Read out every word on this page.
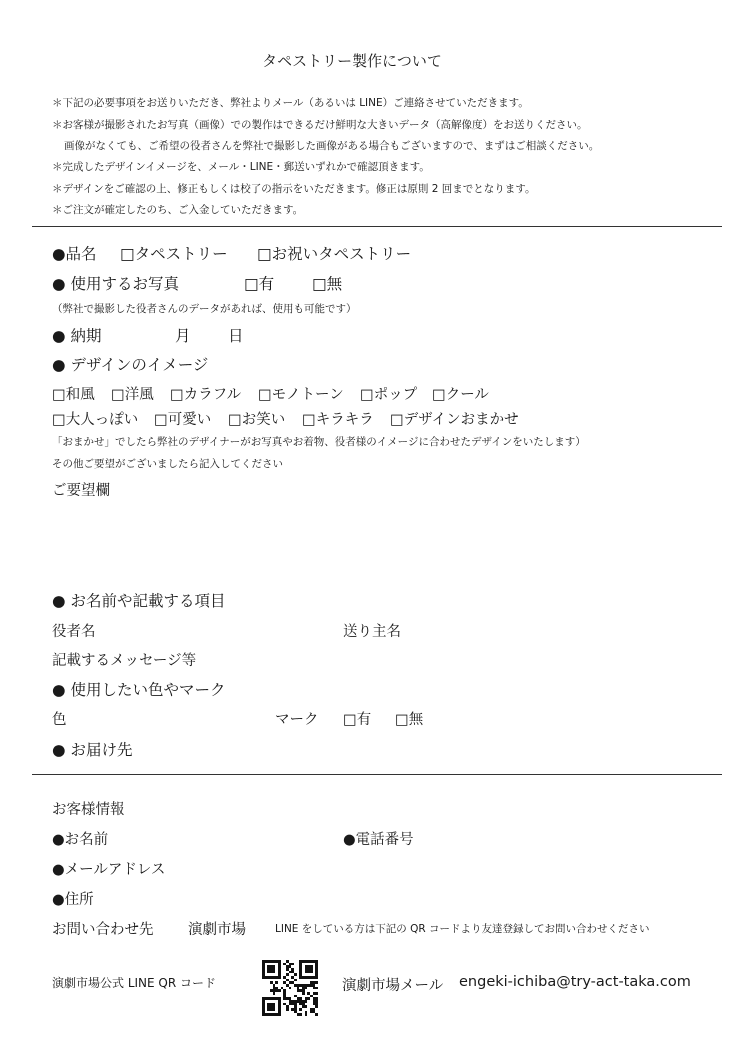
タペストリー製作について
＊下記の必要事項をお送りいただき、弊社よりメール（あるいは LINE）ご連絡させていただきます。
＊お客様が撮影されたお写真（画像）での製作はできるだけ鮮明な大きいデータ（高解像度）をお送りください。
画像がなくても、ご希望の役者さんを弊社で撮影した画像がある場合もございますので、まずはご相談ください。
＊完成したデザインイメージを、メール・LINE・郵送いずれかで確認頂きます。
＊デザインをご確認の上、修正もしくは校了の指示をいただきます。修正は原則 2 回までとなります。
＊ご注文が確定したのち、ご入金していただきます。
●品名 □タペストリー □お祝いタペストリー
● 使用するお写真	□有 □無
（弊社で撮影した役者さんのデータがあれば、使用も可能です）
● 納期	月 日
● デザインのイメージ
□和風 □洋風 □カラフル □モノトーン □ポップ □クール
□大人っぽい □可愛い □お笑い □キラキラ □デザインおまかせ
「おまかせ」でしたら弊社のデザイナーがお写真やお着物、役者様のイメージに合わせたデザインをいたします）
その他ご要望がございましたら記入してください
ご要望欄
● お名前や記載する項目
役者名	送り主名
記載するメッセージ等
● 使用したい色やマーク
色	マーク □有 □無
● お届け先
お客様情報
●お名前	●電話番号
●メールアドレス
●住所
お問い合わせ先 演劇市場	LINE をしている方は下記の QR コードより友達登録してお問い合わせください
演劇市場公式 LINE QR コード	演劇市場メール engeki-ichiba@try-act-taka.com
